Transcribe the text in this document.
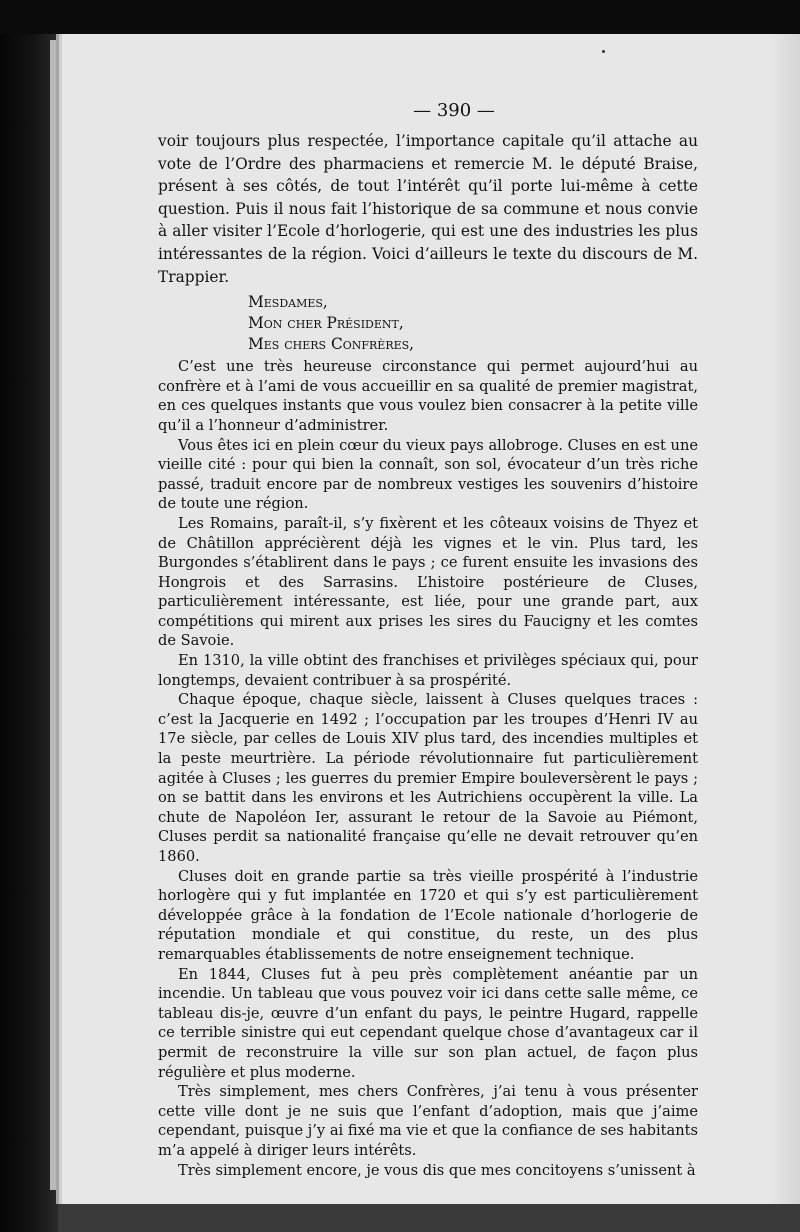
— 390 —

voir toujours plus respectée, l’importance capitale qu’il attache au vote de l’Ordre des pharmaciens et remercie M. le député Braise, présent à ses côtés, de tout l’intérêt qu’il porte lui-même à cette question. Puis il nous fait l’historique de sa commune et nous convie à aller visiter l’Ecole d’horlogerie, qui est une des industries les plus intéressantes de la région. Voici d’ailleurs le texte du discours de M. Trappier.

Mesdames,
Mon cher Président,
Mes chers Confrères,

C’est une très heureuse circonstance qui permet aujourd’hui au confrère et à l’ami de vous accueillir en sa qualité de premier magistrat, en ces quelques instants que vous voulez bien consacrer à la petite ville qu’il a l’honneur d’administrer.

Vous êtes ici en plein cœur du vieux pays allobroge. Cluses en est une vieille cité : pour qui bien la connaît, son sol, évocateur d’un très riche passé, traduit encore par de nombreux vestiges les souvenirs d’histoire de toute une région.

Les Romains, paraît-il, s’y fixèrent et les côteaux voisins de Thyez et de Châtillon apprécièrent déjà les vignes et le vin. Plus tard, les Burgondes s’établirent dans le pays ; ce furent ensuite les invasions des Hongrois et des Sarrasins. L’histoire postérieure de Cluses, particulièrement intéressante, est liée, pour une grande part, aux compétitions qui mirent aux prises les sires du Faucigny et les comtes de Savoie.

En 1310, la ville obtint des franchises et privilèges spéciaux qui, pour longtemps, devaient contribuer à sa prospérité.

Chaque époque, chaque siècle, laissent à Cluses quelques traces : c’est la Jacquerie en 1492 ; l’occupation par les troupes d’Henri IV au 17e siècle, par celles de Louis XIV plus tard, des incendies multiples et la peste meurtrière. La période révolutionnaire fut particulièrement agitée à Cluses ; les guerres du premier Empire bouleversèrent le pays ; on se battit dans les environs et les Autrichiens occupèrent la ville. La chute de Napoléon Ier, assurant le retour de la Savoie au Piémont, Cluses perdit sa nationalité française qu’elle ne devait retrouver qu’en 1860.

Cluses doit en grande partie sa très vieille prospérité à l’industrie horlogère qui y fut implantée en 1720 et qui s’y est particulièrement développée grâce à la fondation de l’Ecole nationale d’horlogerie de réputation mondiale et qui constitue, du reste, un des plus remarquables établissements de notre enseignement technique.

En 1844, Cluses fut à peu près complètement anéantie par un incendie. Un tableau que vous pouvez voir ici dans cette salle même, ce tableau dis-je, œuvre d’un enfant du pays, le peintre Hugard, rappelle ce terrible sinistre qui eut cependant quelque chose d’avantageux car il permit de reconstruire la ville sur son plan actuel, de façon plus régulière et plus moderne.

Très simplement, mes chers Confrères, j’ai tenu à vous présenter cette ville dont je ne suis que l’enfant d’adoption, mais que j’aime cependant, puisque j’y ai fixé ma vie et que la confiance de ses habitants m’a appelé à diriger leurs intérêts.

Très simplement encore, je vous dis que mes concitoyens s’unissent à
